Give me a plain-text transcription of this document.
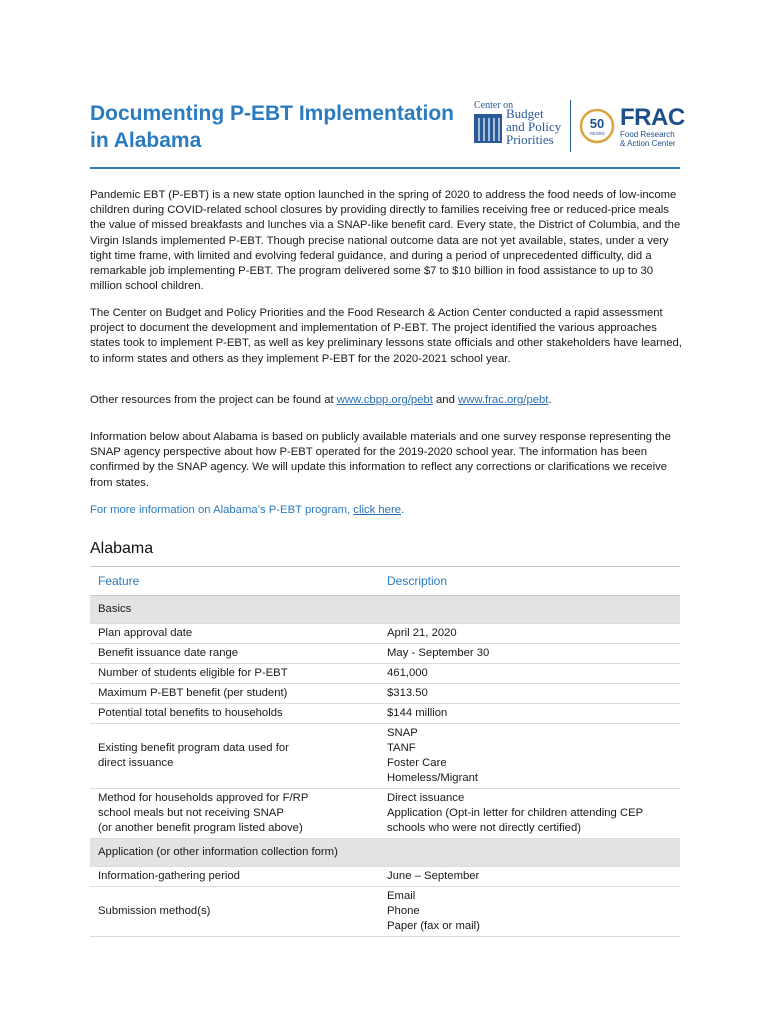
Documenting P-EBT Implementation
in Alabama
Center on
Budget
and Policy
Priorities
50
YEARS
FRAC
Food Research
& Action Center
Pandemic EBT (P-EBT) is a new state option launched in the spring of 2020 to address the food needs of low-income children during COVID-related school closures by providing directly to families receiving free or reduced-price meals the value of missed breakfasts and lunches via a SNAP-like benefit card. Every state, the District of Columbia, and the Virgin Islands implemented P-EBT. Though precise national outcome data are not yet available, states, under a very tight time frame, with limited and evolving federal guidance, and during a period of unprecedented difficulty, did a remarkable job implementing P-EBT. The program delivered some $7 to $10 billion in food assistance to up to 30 million school children.
The Center on Budget and Policy Priorities and the Food Research & Action Center conducted a rapid assessment project to document the development and implementation of P-EBT. The project identified the various approaches states took to implement P-EBT, as well as key preliminary lessons state officials and other stakeholders have learned, to inform states and others as they implement P-EBT for the 2020-2021 school year.
Other resources from the project can be found at www.cbpp.org/pebt and www.frac.org/pebt.
Information below about Alabama is based on publicly available materials and one survey response representing the SNAP agency perspective about how P-EBT operated for the 2019-2020 school year. The information has been confirmed by the SNAP agency. We will update this information to reflect any corrections or clarifications we receive from states.
For more information on Alabama’s P-EBT program, click here.
Alabama
Feature	Description
Basics	
Plan approval date	April 21, 2020
Benefit issuance date range	May - September 30
Number of students eligible for P-EBT	461,000
Maximum P-EBT benefit (per student)	$313.50
Potential total benefits to households	$144 million
Existing benefit program data used for
direct issuance	SNAP
TANF
Foster Care
Homeless/Migrant
Method for households approved for F/RP
school meals but not receiving SNAP
(or another benefit program listed above)	Direct issuance
Application (Opt-in letter for children attending CEP
schools who were not directly certified)
Application (or other information collection form)	
Information-gathering period	June – September
Submission method(s)	Email
Phone
Paper (fax or mail)
